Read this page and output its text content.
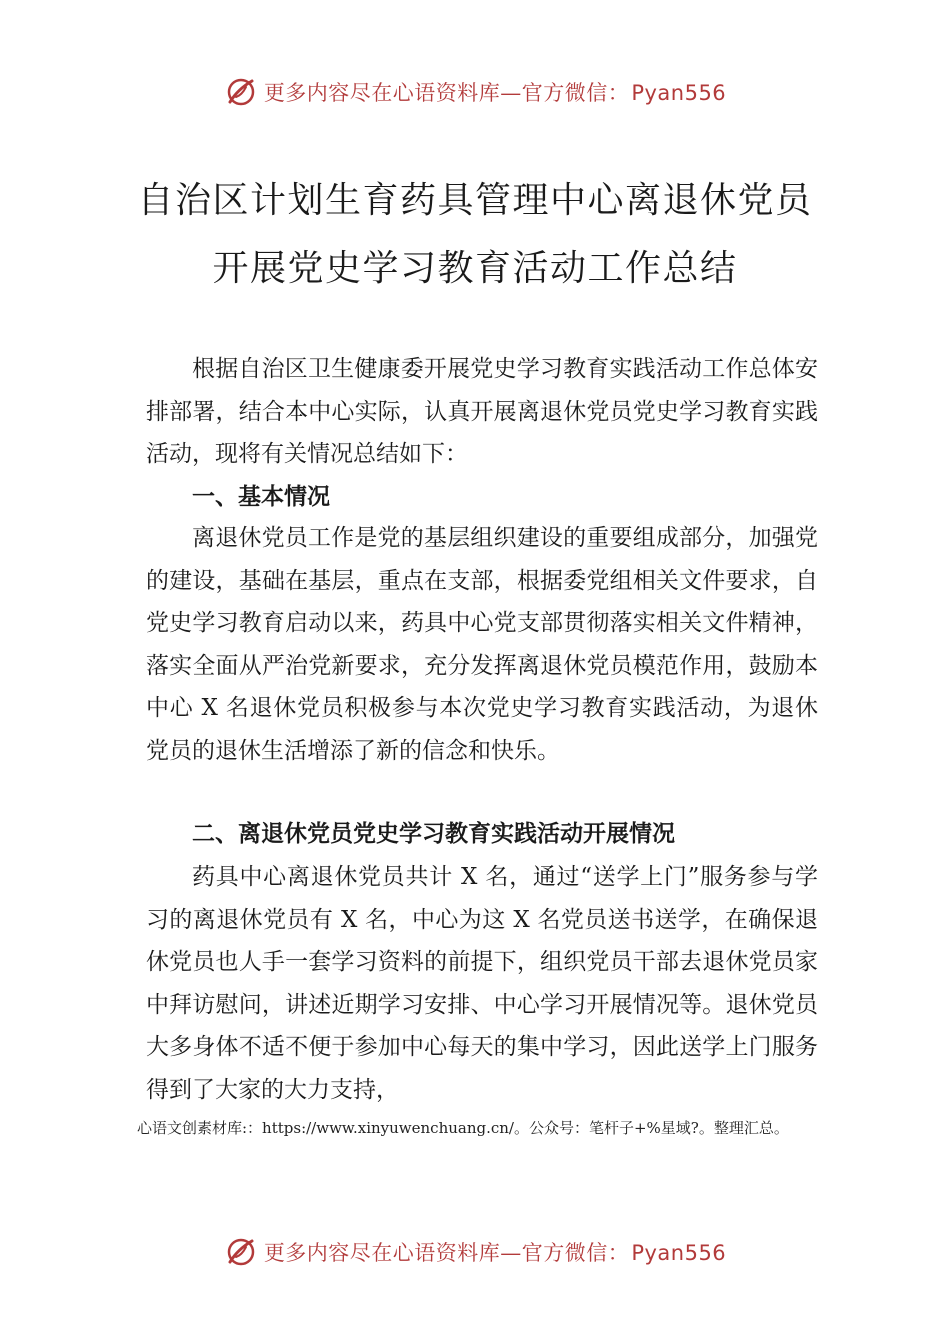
更多内容尽在心语资料库—官方微信：Pyan556
自治区计划生育药具管理中心离退休党员
开展党史学习教育活动工作总结

根据自治区卫生健康委开展党史学习教育实践活动工作总体安排部署，结合本中心实际，认真开展离退休党员党史学习教育实践活动，现将有关情况总结如下：

一、基本情况

离退休党员工作是党的基层组织建设的重要组成部分，加强党的建设，基础在基层，重点在支部，根据委党组相关文件要求，自党史学习教育启动以来，药具中心党支部贯彻落实相关文件精神，落实全面从严治党新要求，充分发挥离退休党员模范作用，鼓励本中心 X 名退休党员积极参与本次党史学习教育实践活动，为退休党员的退休生活增添了新的信念和快乐。

二、离退休党员党史学习教育实践活动开展情况

药具中心离退休党员共计 X 名，通过“送学上门”服务参与学习的离退休党员有 X 名，中心为这 X 名党员送书送学，在确保退休党员也人手一套学习资料的前提下，组织党员干部去退休党员家中拜访慰问，讲述近期学习安排、中心学习开展情况等。退休党员大多身体不适不便于参加中心每天的集中学习，因此送学上门服务得到了大家的大力支持，

心语文创素材库:：https://www.xinyuwenchuang.cn/。公众号：笔杆子+%星域?。整理汇总。

更多内容尽在心语资料库—官方微信：Pyan556
